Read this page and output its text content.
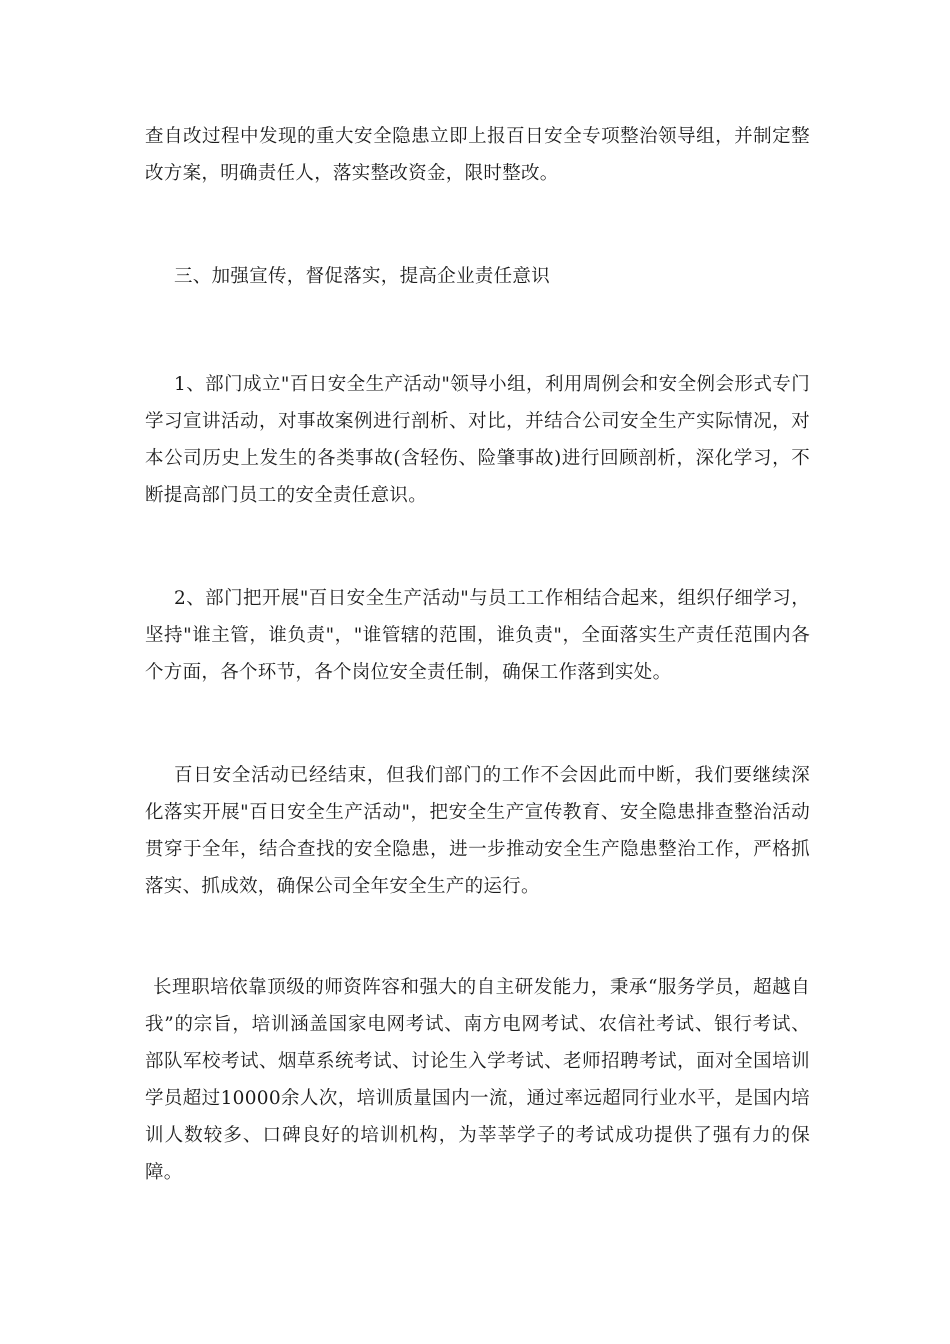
查自改过程中发现的重大安全隐患立即上报百日安全专项整治领导组，并制定整改方案，明确责任人，落实整改资金，限时整改。

三、加强宣传，督促落实，提高企业责任意识

1、部门成立"百日安全生产活动"领导小组，利用周例会和安全例会形式专门学习宣讲活动，对事故案例进行剖析、对比，并结合公司安全生产实际情况，对本公司历史上发生的各类事故(含轻伤、险肇事故)进行回顾剖析，深化学习，不断提高部门员工的安全责任意识。

2、部门把开展"百日安全生产活动"与员工工作相结合起来，组织仔细学习，坚持"谁主管，谁负责"，"谁管辖的范围，谁负责"，全面落实生产责任范围内各个方面，各个环节，各个岗位安全责任制，确保工作落到实处。

百日安全活动已经结束，但我们部门的工作不会因此而中断，我们要继续深化落实开展"百日安全生产活动"，把安全生产宣传教育、安全隐患排查整治活动贯穿于全年，结合查找的安全隐患，进一步推动安全生产隐患整治工作，严格抓落实、抓成效，确保公司全年安全生产的运行。

长理职培依靠顶级的师资阵容和强大的自主研发能力，秉承“服务学员，超越自我”的宗旨，培训涵盖国家电网考试、南方电网考试、农信社考试、银行考试、部队军校考试、烟草系统考试、讨论生入学考试、老师招聘考试，面对全国培训学员超过10000余人次，培训质量国内一流，通过率远超同行业水平，是国内培训人数较多、口碑良好的培训机构，为莘莘学子的考试成功提供了强有力的保障。
